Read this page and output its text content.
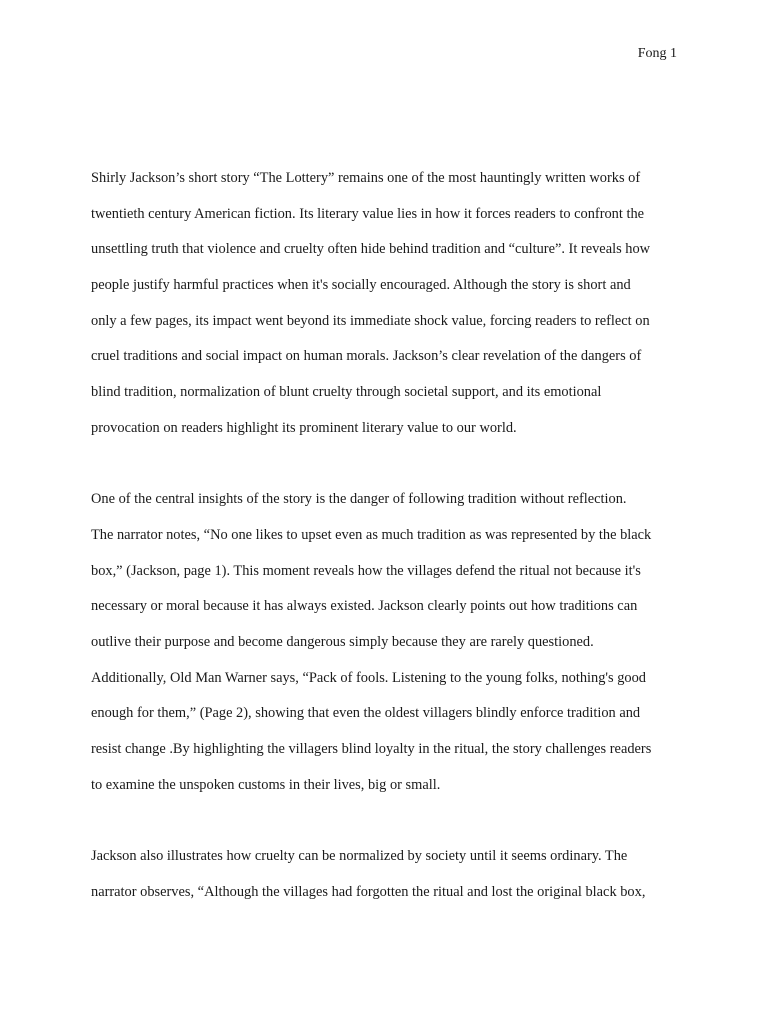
Fong 1
Shirly Jackson’s short story “The Lottery” remains one of the most hauntingly written works of
twentieth century American fiction. Its literary value lies in how it forces readers to confront the
unsettling truth that violence and cruelty often hide behind tradition and “culture”. It reveals how
people justify harmful practices when it's socially encouraged. Although the story is short and
only a few pages, its impact went beyond its immediate shock value, forcing readers to reflect on
cruel traditions and social impact on human morals. Jackson’s clear revelation of the dangers of
blind tradition, normalization of blunt cruelty through societal support, and its emotional
provocation on readers highlight its prominent literary value to our world.
One of the central insights of the story is the danger of following tradition without reflection.
The narrator notes, “No one likes to upset even as much tradition as was represented by the black
box,” (Jackson, page 1). This moment reveals how the villages defend the ritual not because it's
necessary or moral because it has always existed. Jackson clearly points out how traditions can
outlive their purpose and become dangerous simply because they are rarely questioned.
Additionally, Old Man Warner says, “Pack of fools. Listening to the young folks, nothing's good
enough for them,” (Page 2), showing that even the oldest villagers blindly enforce tradition and
resist change .By highlighting the villagers blind loyalty in the ritual, the story challenges readers
to examine the unspoken customs in their lives, big or small.
Jackson also illustrates how cruelty can be normalized by society until it seems ordinary. The
narrator observes, “Although the villages had forgotten the ritual and lost the original black box,
